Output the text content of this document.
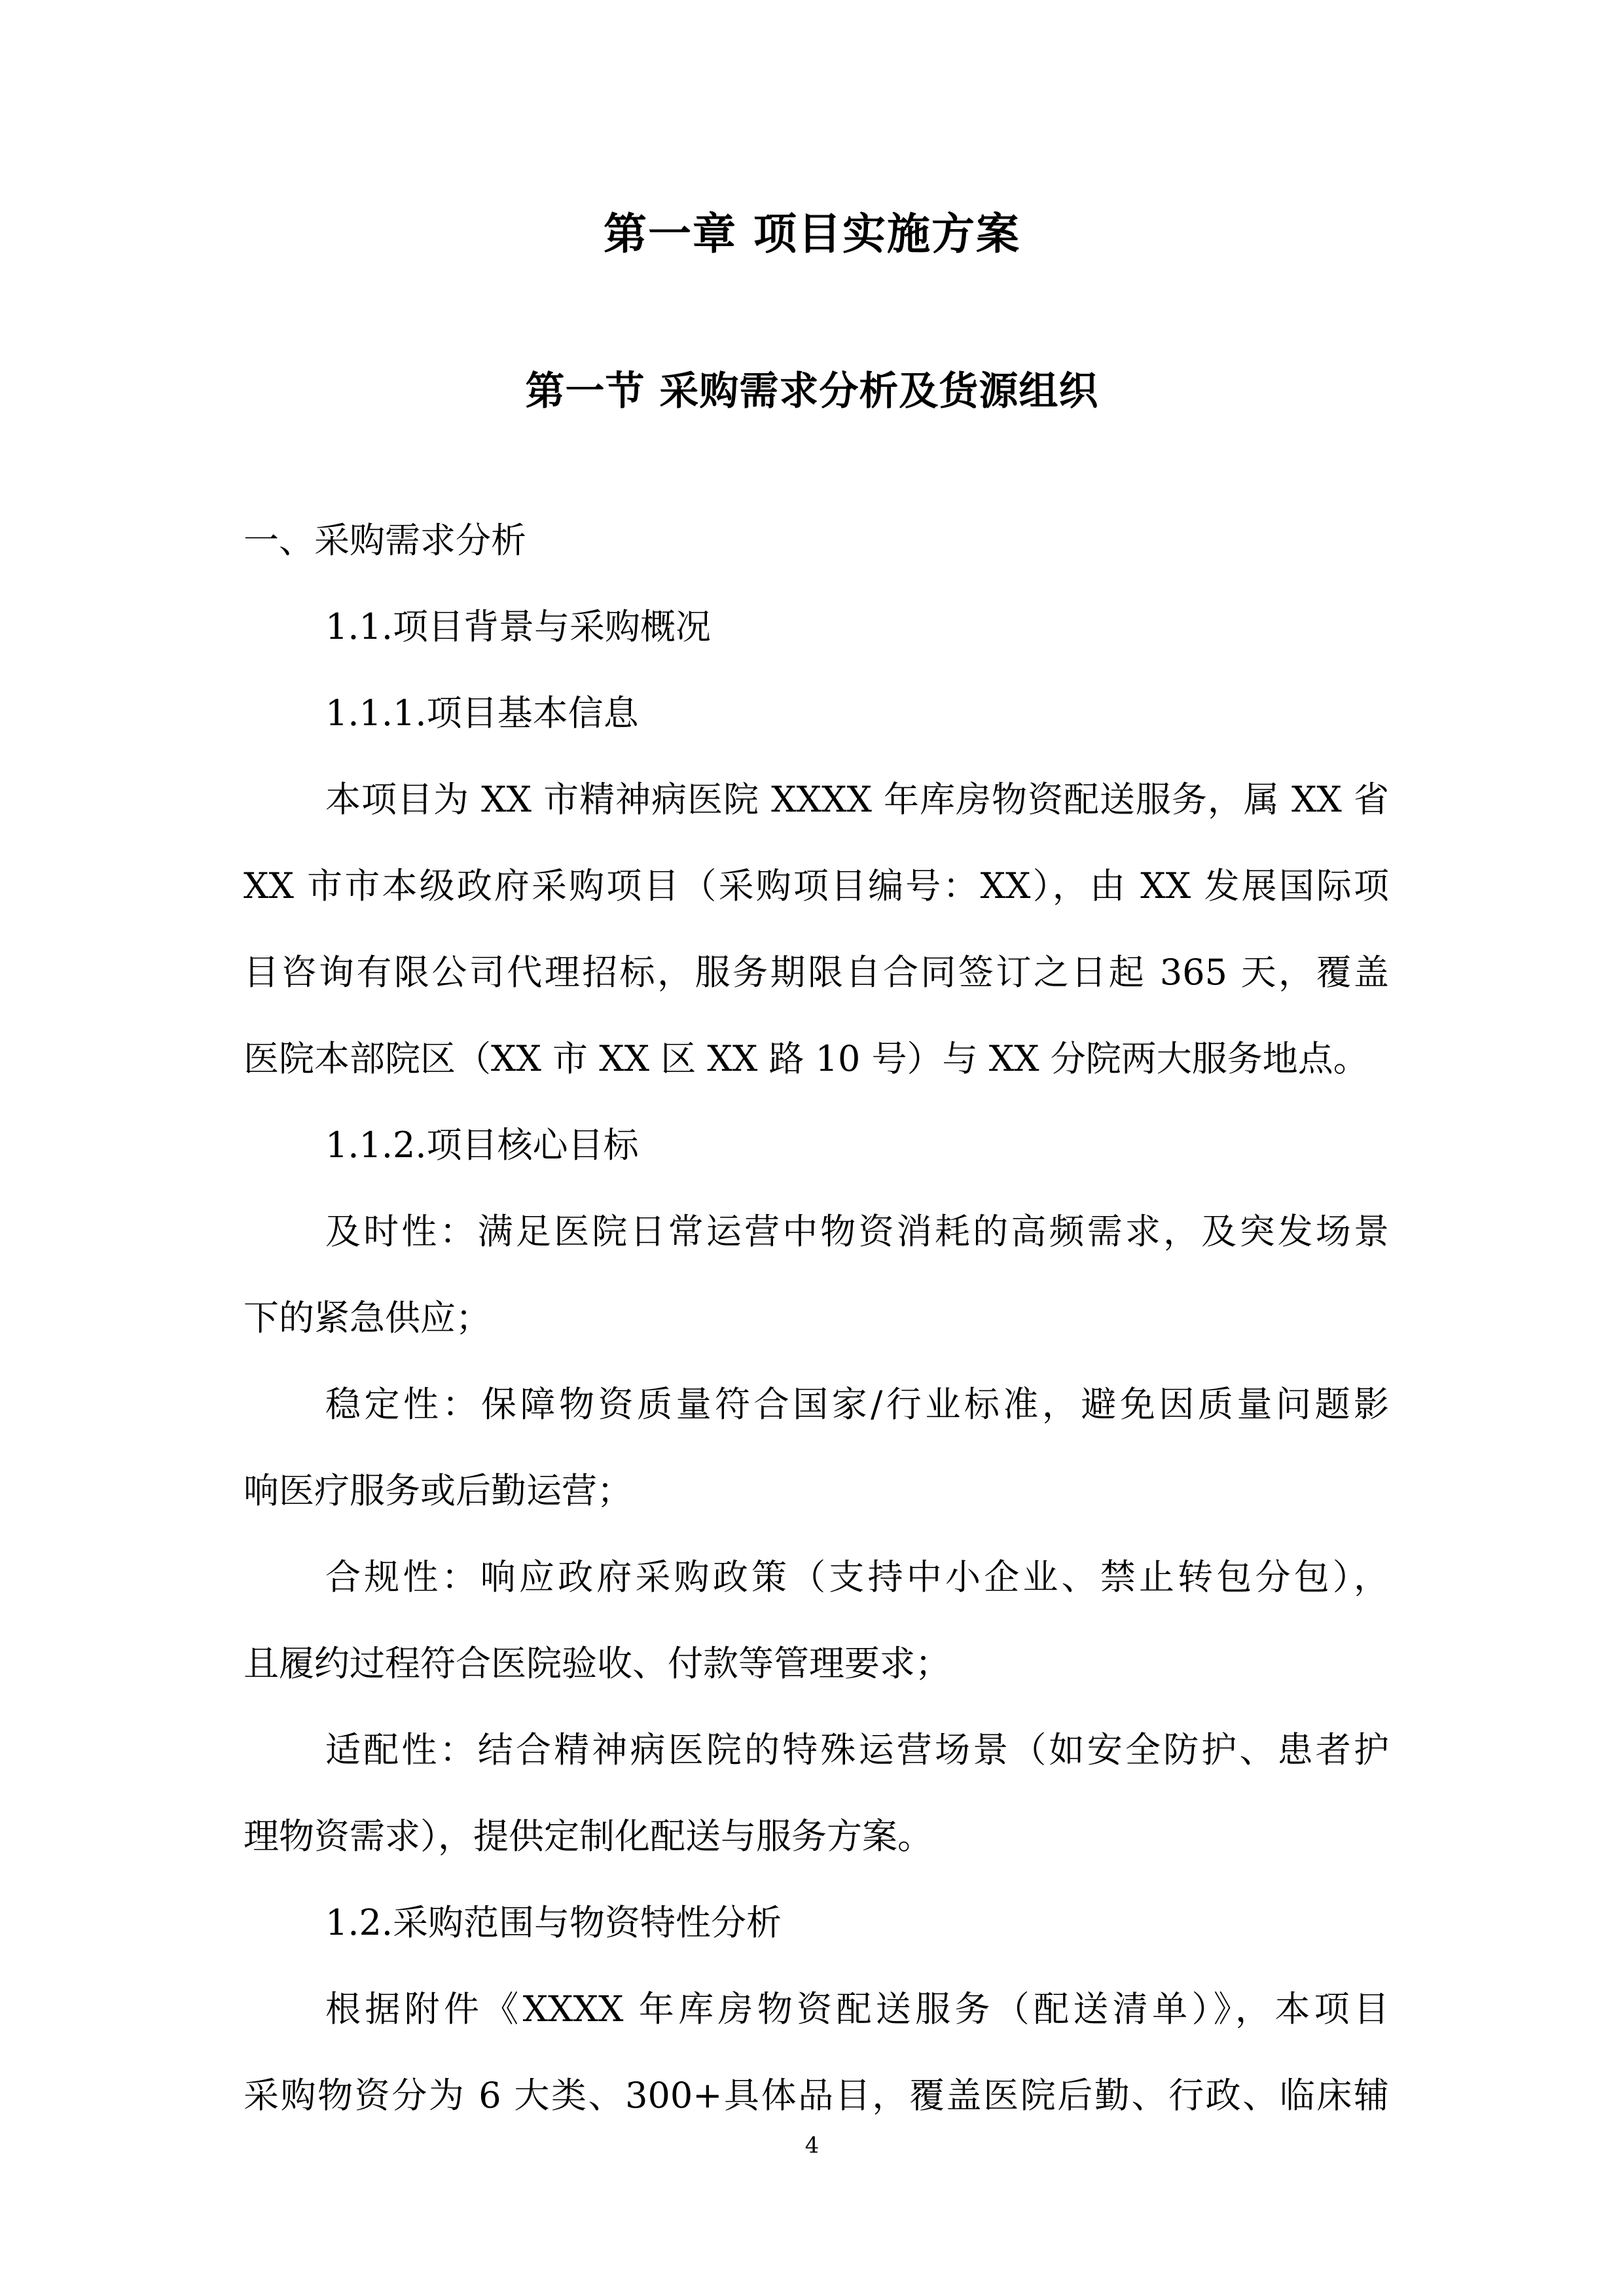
第一章 项目实施方案
第一节 采购需求分析及货源组织
一、采购需求分析
1.1.项目背景与采购概况
1.1.1.项目基本信息
本项目为 XX 市精神病医院 XXXX 年库房物资配送服务，属 XX 省
XX 市市本级政府采购项目（采购项目编号：XX），由 XX 发展国际项
目咨询有限公司代理招标，服务期限自合同签订之日起 365 天，覆盖
医院本部院区（XX 市 XX 区 XX 路 10 号）与 XX 分院两大服务地点。
1.1.2.项目核心目标
及时性：满足医院日常运营中物资消耗的高频需求，及突发场景
下的紧急供应；
稳定性：保障物资质量符合国家/行业标准，避免因质量问题影
响医疗服务或后勤运营；
合规性：响应政府采购政策（支持中小企业、禁止转包分包），
且履约过程符合医院验收、付款等管理要求；
适配性：结合精神病医院的特殊运营场景（如安全防护、患者护
理物资需求），提供定制化配送与服务方案。
1.2.采购范围与物资特性分析
根据附件《XXXX 年库房物资配送服务（配送清单）》，本项目
采购物资分为 6 大类、300+具体品目，覆盖医院后勤、行政、临床辅
4
